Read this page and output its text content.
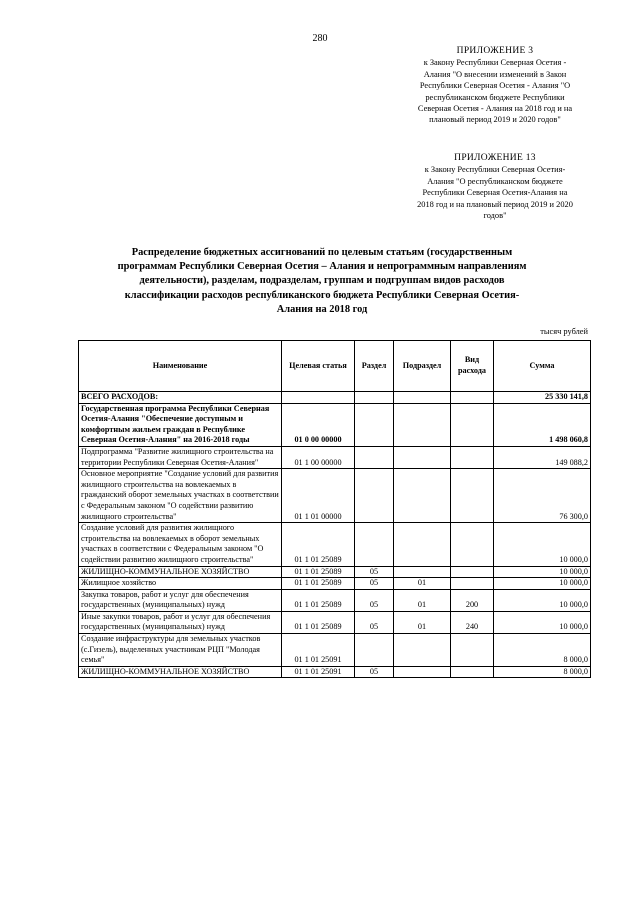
280
ПРИЛОЖЕНИЕ 3
к Закону Республики Северная Осетия -
Алания "О внесении изменений в Закон
Республики Северная Осетия - Алания "О
республиканском бюджете Республики
Северная Осетия - Алания на 2018 год и на
плановый период 2019 и 2020 годов"
ПРИЛОЖЕНИЕ 13
к Закону Республики Северная Осетия-
Алания "О республиканском бюджете
Республики Северная Осетия-Алания на
2018 год и на плановый период 2019 и 2020
годов"
Распределение бюджетных ассигнований по целевым статьям (государственным
программам Республики Северная Осетия – Алания и непрограммным направлениям
деятельности), разделам, подразделам, группам и подгруппам видов расходов
классификации расходов республиканского бюджета Республики Северная Осетия-
Алания на 2018 год
тысяч рублей
Наименование	Целевая статья	Раздел	Подраздел	Вид расхода	Сумма
ВСЕГО РАСХОДОВ:					25 330 141,8
Государственная программа Республики Северная Осетия-Алания "Обеспечение доступным и комфортным жильем граждан в Республике Северная Осетия-Алания" на 2016-2018 годы	01 0 00 00000				1 498 060,8
Подпрограмма "Развитие жилищного строительства на территории Республики Северная Осетия-Алания"	01 1 00 00000				149 088,2
Основное мероприятие "Создание условий для развития жилищного строительства на вовлекаемых в гражданский оборот земельных участках в соответствии с Федеральным законом "О содействии развитию жилищного строительства"	01 1 01 00000				76 300,0
Создание условий для развития жилищного строительства на вовлекаемых в оборот земельных участках в соответствии с Федеральным законом "О содействии развитию жилищного строительства"	01 1 01 25089				10 000,0
ЖИЛИЩНО-КОММУНАЛЬНОЕ ХОЗЯЙСТВО	01 1 01 25089	05			10 000,0
Жилищное хозяйство	01 1 01 25089	05	01		10 000,0
Закупка товаров, работ и услуг для обеспечения государственных (муниципальных) нужд	01 1 01 25089	05	01	200	10 000,0
Иные закупки товаров, работ и услуг для обеспечения государственных (муниципальных) нужд	01 1 01 25089	05	01	240	10 000,0
Создание инфраструктуры для земельных участков (с.Гизель), выделенных участникам РЦП "Молодая семья"	01 1 01 25091				8 000,0
ЖИЛИЩНО-КОММУНАЛЬНОЕ ХОЗЯЙСТВО	01 1 01 25091	05			8 000,0
